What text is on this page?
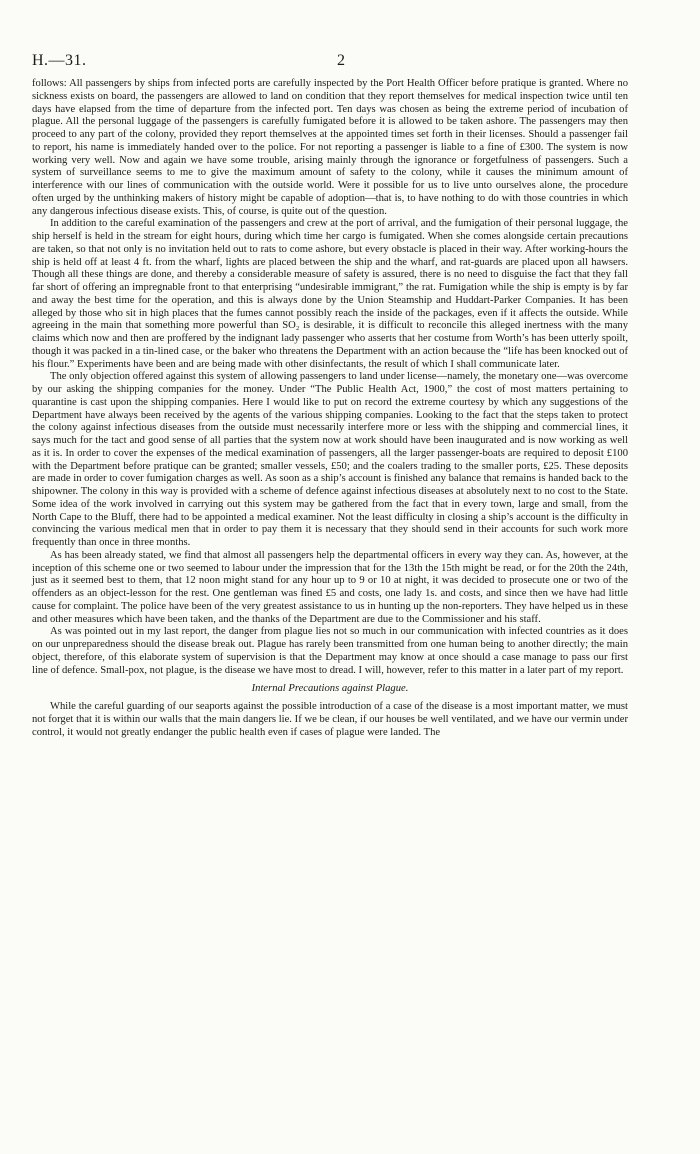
H.—31.	2

follows: All passengers by ships from infected ports are carefully inspected by the Port Health Officer before pratique is granted. Where no sickness exists on board, the passengers are allowed to land on condition that they report themselves for medical inspection twice until ten days have elapsed from the time of departure from the infected port. Ten days was chosen as being the extreme period of incubation of plague. All the personal luggage of the passengers is carefully fumigated before it is allowed to be taken ashore. The passengers may then proceed to any part of the colony, provided they report themselves at the appointed times set forth in their licenses. Should a passenger fail to report, his name is immediately handed over to the police. For not reporting a passenger is liable to a fine of £300. The system is now working very well. Now and again we have some trouble, arising mainly through the ignorance or forgetfulness of passengers. Such a system of surveillance seems to me to give the maximum amount of safety to the colony, while it causes the minimum amount of interference with our lines of communication with the outside world. Were it possible for us to live unto ourselves alone, the procedure often urged by the unthinking makers of history might be capable of adoption—that is, to have nothing to do with those countries in which any dangerous infectious disease exists. This, of course, is quite out of the question.

In addition to the careful examination of the passengers and crew at the port of arrival, and the fumigation of their personal luggage, the ship herself is held in the stream for eight hours, during which time her cargo is fumigated. When she comes alongside certain precautions are taken, so that not only is no invitation held out to rats to come ashore, but every obstacle is placed in their way. After working-hours the ship is held off at least 4 ft. from the wharf, lights are placed between the ship and the wharf, and rat-guards are placed upon all hawsers. Though all these things are done, and thereby a considerable measure of safety is assured, there is no need to disguise the fact that they fall far short of offering an impregnable front to that enterprising “undesirable immigrant,” the rat. Fumigation while the ship is empty is by far and away the best time for the operation, and this is always done by the Union Steamship and Huddart-Parker Companies. It has been alleged by those who sit in high places that the fumes cannot possibly reach the inside of the packages, even if it affects the outside. While agreeing in the main that something more powerful than SO₂ is desirable, it is difficult to reconcile this alleged inertness with the many claims which now and then are proffered by the indignant lady passenger who asserts that her costume from Worth’s has been utterly spoilt, though it was packed in a tin-lined case, or the baker who threatens the Department with an action because the “life has been knocked out of his flour.” Experiments have been and are being made with other disinfectants, the result of which I shall communicate later.

The only objection offered against this system of allowing passengers to land under license—namely, the monetary one—was overcome by our asking the shipping companies for the money. Under “The Public Health Act, 1900,” the cost of most matters pertaining to quarantine is cast upon the shipping companies. Here I would like to put on record the extreme courtesy by which any suggestions of the Department have always been received by the agents of the various shipping companies. Looking to the fact that the steps taken to protect the colony against infectious diseases from the outside must necessarily interfere more or less with the shipping and commercial lines, it says much for the tact and good sense of all parties that the system now at work should have been inaugurated and is now working as well as it is. In order to cover the expenses of the medical examination of passengers, all the larger passenger-boats are required to deposit £100 with the Department before pratique can be granted; smaller vessels, £50; and the coalers trading to the smaller ports, £25. These deposits are made in order to cover fumigation charges as well. As soon as a ship’s account is finished any balance that remains is handed back to the shipowner. The colony in this way is provided with a scheme of defence against infectious diseases at absolutely next to no cost to the State. Some idea of the work involved in carrying out this system may be gathered from the fact that in every town, large and small, from the North Cape to the Bluff, there had to be appointed a medical examiner. Not the least difficulty in closing a ship’s account is the difficulty in convincing the various medical men that in order to pay them it is necessary that they should send in their accounts for such work more frequently than once in three months.

As has been already stated, we find that almost all passengers help the departmental officers in every way they can. As, however, at the inception of this scheme one or two seemed to labour under the impression that for the 13th the 15th might be read, or for the 20th the 24th, just as it seemed best to them, that 12 noon might stand for any hour up to 9 or 10 at night, it was decided to prosecute one or two of the offenders as an object-lesson for the rest. One gentleman was fined £5 and costs, one lady 1s. and costs, and since then we have had little cause for complaint. The police have been of the very greatest assistance to us in hunting up the non-reporters. They have helped us in these and other measures which have been taken, and the thanks of the Department are due to the Commissioner and his staff.

As was pointed out in my last report, the danger from plague lies not so much in our communication with infected countries as it does on our unpreparedness should the disease break out. Plague has rarely been transmitted from one human being to another directly; the main object, therefore, of this elaborate system of supervision is that the Department may know at once should a case manage to pass our first line of defence. Small-pox, not plague, is the disease we have most to dread. I will, however, refer to this matter in a later part of my report.

Internal Precautions against Plague.

While the careful guarding of our seaports against the possible introduction of a case of the disease is a most important matter, we must not forget that it is within our walls that the main dangers lie. If we be clean, if our houses be well ventilated, and we have our vermin under control, it would not greatly endanger the public health even if cases of plague were landed. The
